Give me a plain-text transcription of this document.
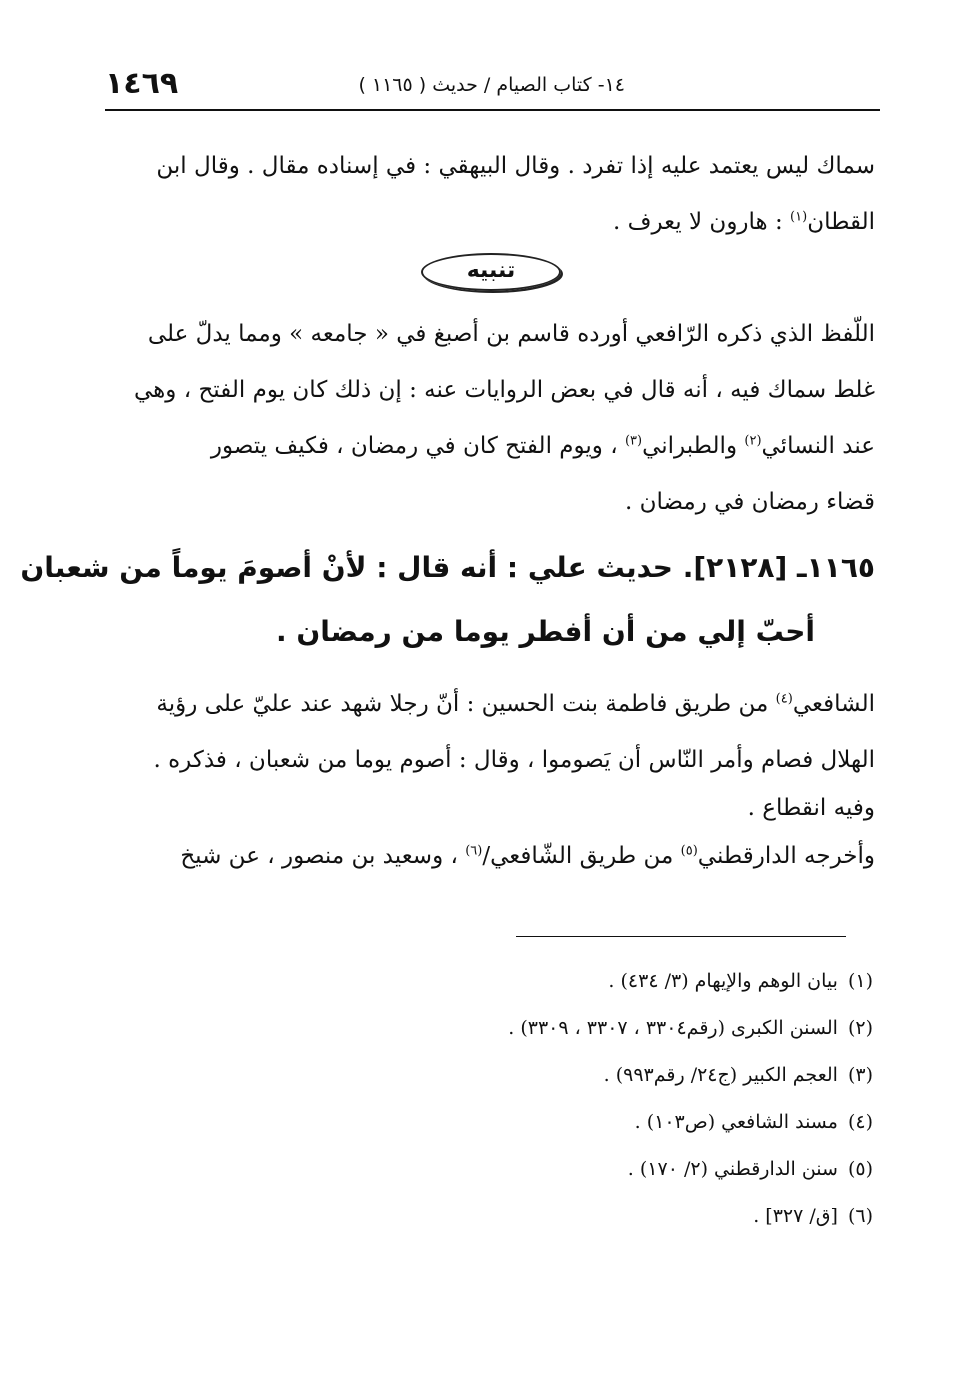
١٤٦٩	١٤- كتاب الصيام / حديث ( ١١٦٥ )
سماك ليس يعتمد عليه إذا تفرد . وقال البيهقي : في إسناده مقال . وقال ابن
القطان$^{(١)}$ : هارون لا يعرف .
تنبيه
اللّفظ الذي ذكره الرّافعي أورده قاسم بن أصبغ في « جامعه » ومما يدلّ على
غلط سماك فيه ، أنه قال في بعض الروايات عنه : إن ذلك كان يوم الفتح ، وهي
عند النسائي$^{(٢)}$ والطبراني$^{(٣)}$ ، ويوم الفتح كان في رمضان ، فكيف يتصور
قضاء رمضان في رمضان .
١١٦٥ـ [٢١٢٨]. حديث علي : أنه قال : لأنْ أصومَ يوماً من شعبان
أحبّ إلي من أن أفطر يوما من رمضان .
الشافعي$^{(٤)}$ من طريق فاطمة بنت الحسين : أنّ رجلا شهد عند عليّ على رؤية
الهلال فصام وأمر النّاس أن يَصوموا ، وقال : أصوم يوما من شعبان ، فذكره .
وفيه انقطاع .
وأخرجه الدارقطني$^{(٥)}$ من طريق الشّافعي/$^{(٦)}$ ، وسعيد بن منصور ، عن شيخ
(١)بيان الوهم والإيهام (٣/ ٤٣٤) .
(٢)السنن الكبرى (رقم٣٣٠٤ ، ٣٣٠٧ ، ٣٣٠٩) .
(٣)العجم الكبير (ج٢٤/ رقم٩٩٣) .
(٤)مسند الشافعي (ص١٠٣) .
(٥)سنن الدارقطني (٢/ ١٧٠) .
(٦)[ق/ ٣٢٧] .
